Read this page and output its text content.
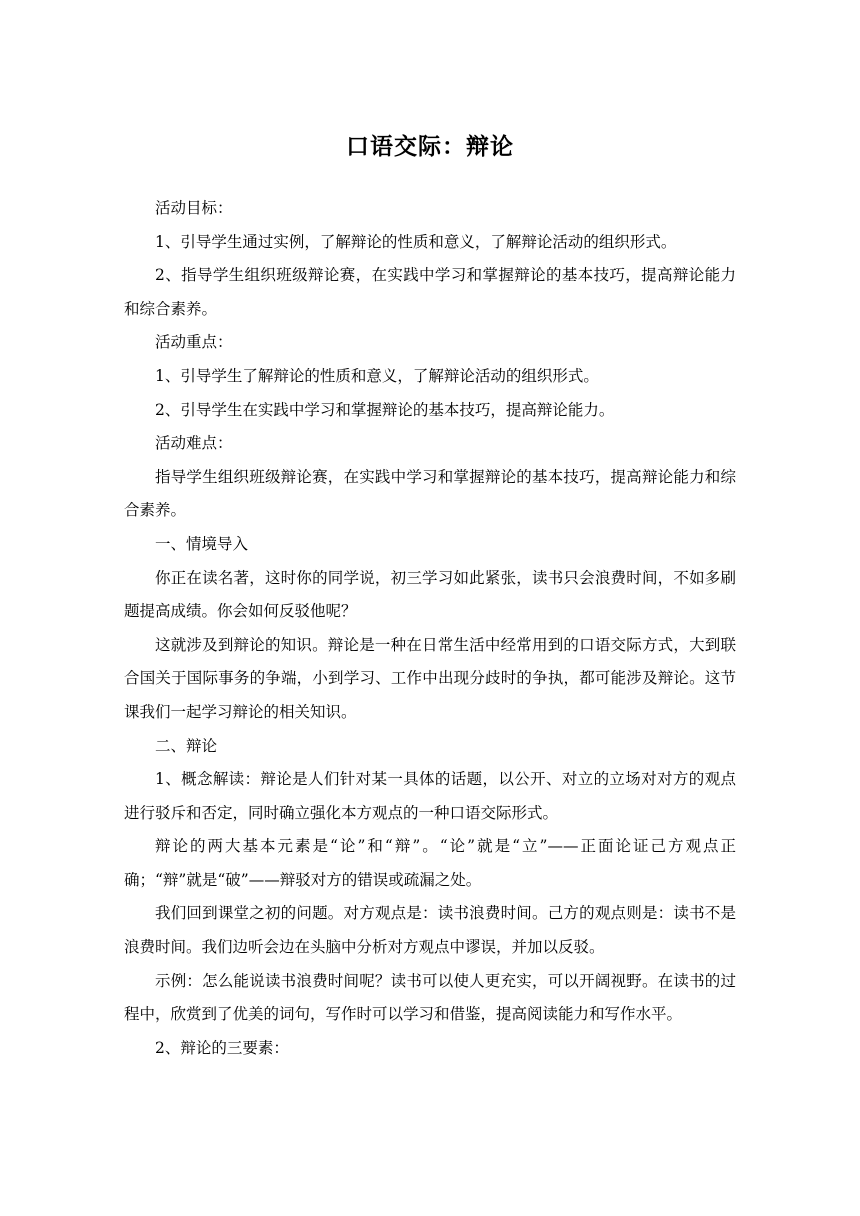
口语交际：辩论

活动目标：

1、引导学生通过实例，了解辩论的性质和意义，了解辩论活动的组织形式。

2、指导学生组织班级辩论赛，在实践中学习和掌握辩论的基本技巧，提高辩论能力和综合素养。

活动重点：

1、引导学生了解辩论的性质和意义，了解辩论活动的组织形式。

2、引导学生在实践中学习和掌握辩论的基本技巧，提高辩论能力。

活动难点：

指导学生组织班级辩论赛，在实践中学习和掌握辩论的基本技巧，提高辩论能力和综合素养。

一、情境导入

你正在读名著，这时你的同学说，初三学习如此紧张，读书只会浪费时间，不如多刷题提高成绩。你会如何反驳他呢？

这就涉及到辩论的知识。辩论是一种在日常生活中经常用到的口语交际方式，大到联合国关于国际事务的争端，小到学习、工作中出现分歧时的争执，都可能涉及辩论。这节课我们一起学习辩论的相关知识。

二、辩论

1、概念解读：辩论是人们针对某一具体的话题，以公开、对立的立场对对方的观点进行驳斥和否定，同时确立强化本方观点的一种口语交际形式。

辩论的两大基本元素是“论”和“辩”。“论”就是“立”——正面论证己方观点正确；“辩”就是“破”——辩驳对方的错误或疏漏之处。

我们回到课堂之初的问题。对方观点是：读书浪费时间。己方的观点则是：读书不是浪费时间。我们边听会边在头脑中分析对方观点中谬误，并加以反驳。

示例：怎么能说读书浪费时间呢？读书可以使人更充实，可以开阔视野。在读书的过程中，欣赏到了优美的词句，写作时可以学习和借鉴，提高阅读能力和写作水平。

2、辩论的三要素：
